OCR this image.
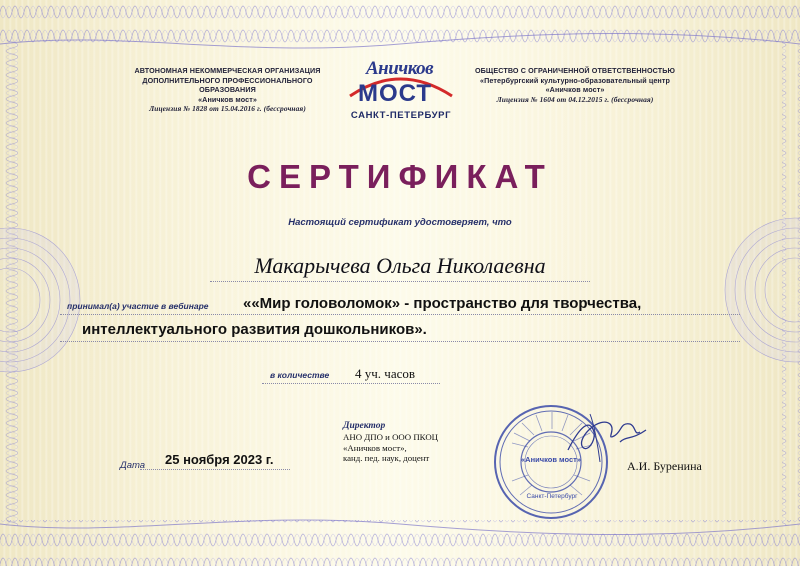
АВТОНОМНАЯ НЕКОММЕРЧЕСКАЯ ОРГАНИЗАЦИЯ
ДОПОЛНИТЕЛЬНОГО ПРОФЕССИОНАЛЬНОГО ОБРАЗОВАНИЯ
«Аничков мост»
Лицензия № 1828 от 15.04.2016 г. (бессрочная)
Аничков
МОСТ
САНКТ-ПЕТЕРБУРГ
ОБЩЕСТВО С ОГРАНИЧЕННОЙ ОТВЕТСТВЕННОСТЬЮ
«Петербургский культурно-образовательный центр
«Аничков мост»
Лицензия № 1604 от 04.12.2015 г. (бессрочная)
СЕРТИФИКАТ
Настоящий сертификат удостоверяет, что
Макарычева Ольга Николаевна
принимал(а) участие в вебинаре ««Мир головоломок» - пространство для творчества,
интеллектуального развития дошкольников».
в количестве 4 уч. часов
Дата 25 ноября 2023 г.
Директор
АНО ДПО и ООО ПКОЦ
«Аничков мост»,
канд. пед. наук, доцент	«Аничков мост»
Санкт-Петербург
А.И. Буренина
